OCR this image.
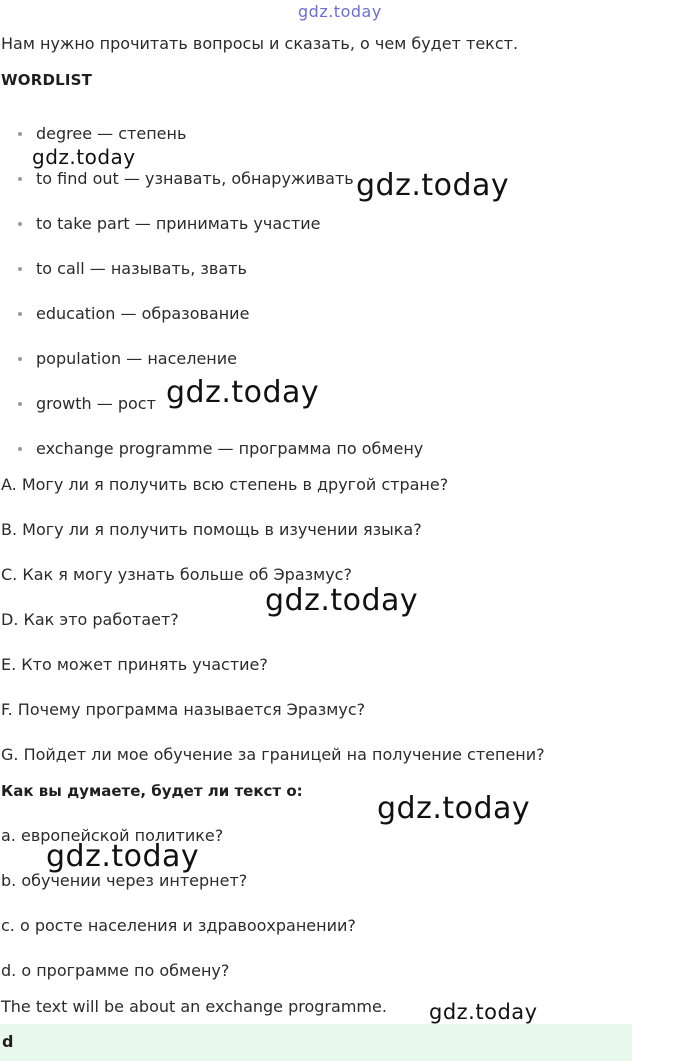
gdz.today
gdz.today
gdz.today
gdz.today
gdz.today
gdz.today
gdz.today
gdz.today
Нам нужно прочитать вопросы и сказать, о чем будет текст.
WORDLIST
degree — степень
to find out — узнавать, обнаруживать
to take part — принимать участие
to call — называть, звать
education — образование
population — население
growth — рост
exchange programme — программа по обмену
A. Могу ли я получить всю степень в другой стране?
B. Могу ли я получить помощь в изучении языка?
C. Как я могу узнать больше об Эразмус?
D. Как это работает?
E. Кто может принять участие?
F. Почему программа называется Эразмус?
G. Пойдет ли мое обучение за границей на получение степени?
Как вы думаете, будет ли текст о:
a. европейской политике?
b. обучении через интернет?
c. о росте населения и здравоохранении?
d. о программе по обмену?
The text will be about an exchange programme.
d
